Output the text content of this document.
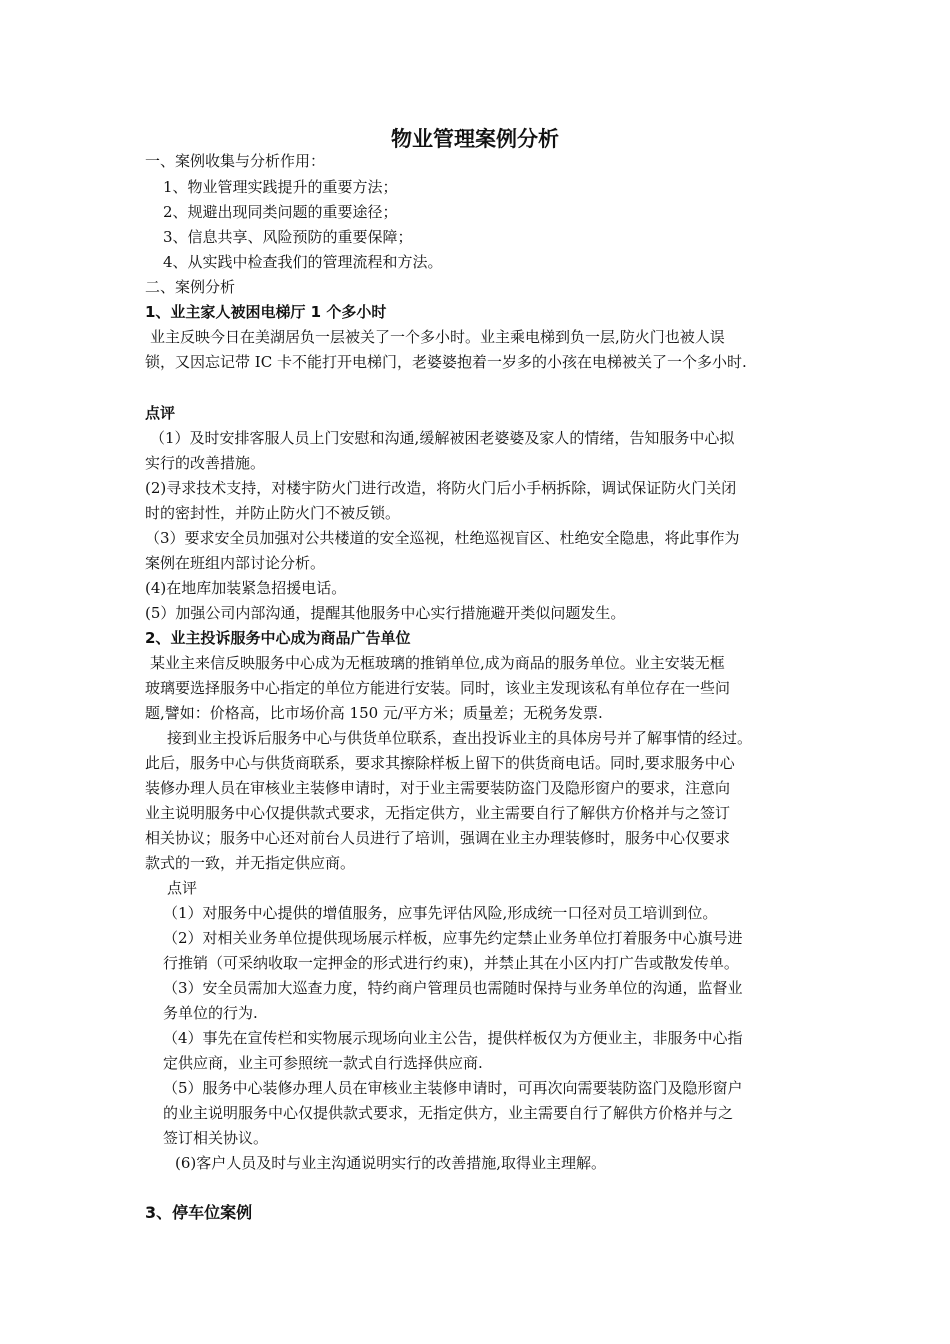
物业管理案例分析
一、案例收集与分析作用：
1、物业管理实践提升的重要方法；
2、规避出现同类问题的重要途径；
3、信息共享、风险预防的重要保障；
4、从实践中检查我们的管理流程和方法。
二、案例分析
1、业主家人被困电梯厅 1 个多小时
业主反映今日在美湖居负一层被关了一个多小时。业主乘电梯到负一层,防火门也被人误
锁，又因忘记带 IC 卡不能打开电梯门，老婆婆抱着一岁多的小孩在电梯被关了一个多小时.
点评
（1）及时安排客服人员上门安慰和沟通,缓解被困老婆婆及家人的情绪，告知服务中心拟
实行的改善措施。
(2)寻求技术支持，对楼宇防火门进行改造，将防火门后小手柄拆除，调试保证防火门关闭
时的密封性，并防止防火门不被反锁。
（3）要求安全员加强对公共楼道的安全巡视，杜绝巡视盲区、杜绝安全隐患，将此事作为
案例在班组内部讨论分析。
(4)在地库加装紧急招援电话。
(5）加强公司内部沟通，提醒其他服务中心实行措施避开类似问题发生。
2、业主投诉服务中心成为商品广告单位
某业主来信反映服务中心成为无框玻璃的推销单位,成为商品的服务单位。业主安装无框
玻璃要选择服务中心指定的单位方能进行安装。同时，该业主发现该私有单位存在一些问
题,譬如：价格高，比市场价高 150 元/平方米；质量差；无税务发票.
接到业主投诉后服务中心与供货单位联系，查出投诉业主的具体房号并了解事情的经过。
此后，服务中心与供货商联系，要求其擦除样板上留下的供货商电话。同时,要求服务中心
装修办理人员在审核业主装修申请时，对于业主需要装防盗门及隐形窗户的要求，注意向
业主说明服务中心仅提供款式要求，无指定供方，业主需要自行了解供方价格并与之签订
相关协议；服务中心还对前台人员进行了培训，强调在业主办理装修时，服务中心仅要求
款式的一致，并无指定供应商。
点评
（1）对服务中心提供的增值服务，应事先评估风险,形成统一口径对员工培训到位。
（2）对相关业务单位提供现场展示样板，应事先约定禁止业务单位打着服务中心旗号进
行推销（可采纳收取一定押金的形式进行约束)，并禁止其在小区内打广告或散发传单。
（3）安全员需加大巡查力度，特约商户管理员也需随时保持与业务单位的沟通，监督业
务单位的行为.
（4）事先在宣传栏和实物展示现场向业主公告，提供样板仅为方便业主，非服务中心指
定供应商，业主可参照统一款式自行选择供应商.
（5）服务中心装修办理人员在审核业主装修申请时，可再次向需要装防盗门及隐形窗户
的业主说明服务中心仅提供款式要求，无指定供方，业主需要自行了解供方价格并与之
签订相关协议。
(6)客户人员及时与业主沟通说明实行的改善措施,取得业主理解。
3、停车位案例
